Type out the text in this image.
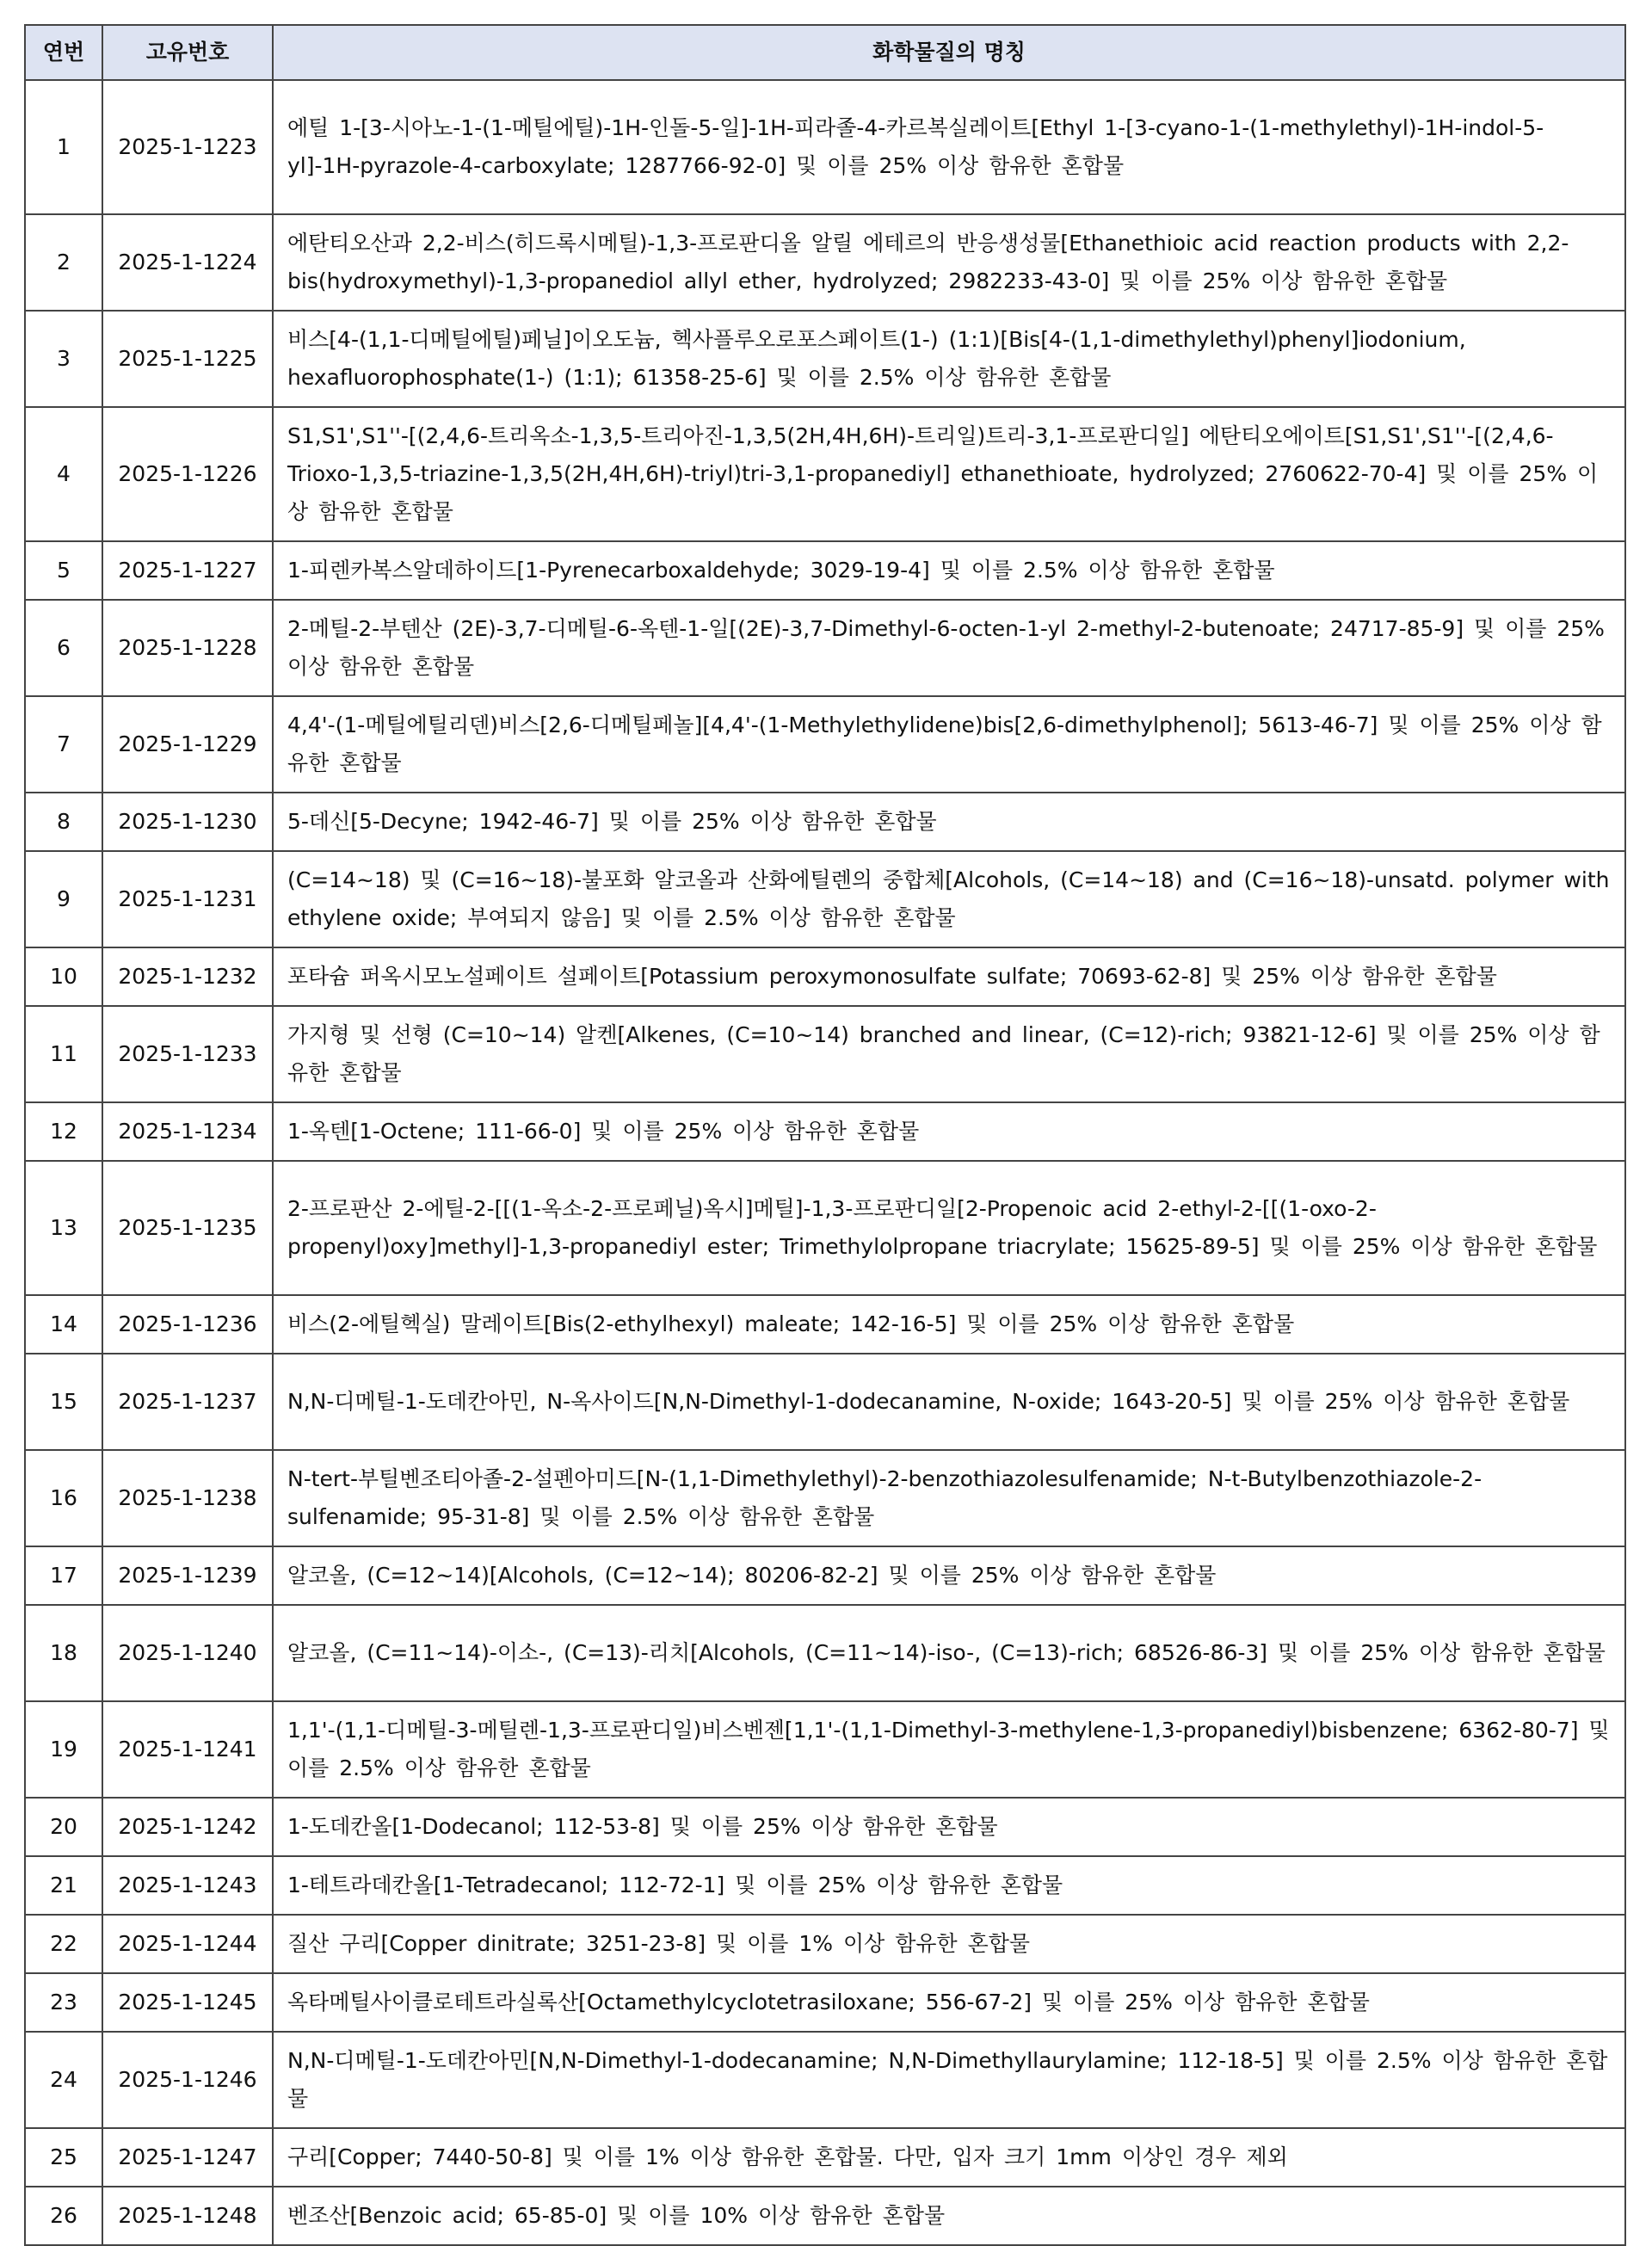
연번	고유번호	화학물질의 명칭
1	2025-1-1223	에틸 1-[3-시아노-1-(1-메틸에틸)-1H-인돌-5-일]-1H-피라졸-4-카르복실레이트[Ethyl 1-[3-cyano-1-(1-methylethyl)-1H-indol-5-yl]-1H-pyrazole-4-carboxylate; 1287766-92-0] 및 이를 25% 이상 함유한 혼합물
2	2025-1-1224	에탄티오산과 2,2-비스(히드록시메틸)-1,3-프로판디올 알릴 에테르의 반응생성물[Ethanethioic acid reaction products with 2,2-bis(hydroxymethyl)-1,3-propanediol allyl ether, hydrolyzed; 2982233-43-0] 및 이를 25% 이상 함유한 혼합물
3	2025-1-1225	비스[4-(1,1-디메틸에틸)페닐]이오도늄, 헥사플루오로포스페이트(1-) (1:1)[Bis[4-(1,1-dimethylethyl)phenyl]iodonium, hexafluorophosphate(1-) (1:1); 61358-25-6] 및 이를 2.5% 이상 함유한 혼합물
4	2025-1-1226	S1,S1',S1''-[(2,4,6-트리옥소-1,3,5-트리아진-1,3,5(2H,4H,6H)-트리일)트리-3,1-프로판디일] 에탄티오에이트[S1,S1',S1''-[(2,4,6-Trioxo-1,3,5-triazine-1,3,5(2H,4H,6H)-triyl)tri-3,1-propanediyl] ethanethioate, hydrolyzed; 2760622-70-4] 및 이를 25% 이상 함유한 혼합물
5	2025-1-1227	1-피렌카복스알데하이드[1-Pyrenecarboxaldehyde; 3029-19-4] 및 이를 2.5% 이상 함유한 혼합물
6	2025-1-1228	2-메틸-2-부텐산 (2E)-3,7-디메틸-6-옥텐-1-일[(2E)-3,7-Dimethyl-6-octen-1-yl 2-methyl-2-butenoate; 24717-85-9] 및 이를 25% 이상 함유한 혼합물
7	2025-1-1229	4,4'-(1-메틸에틸리덴)비스[2,6-디메틸페놀][4,4'-(1-Methylethylidene)bis[2,6-dimethylphenol]; 5613-46-7] 및 이를 25% 이상 함유한 혼합물
8	2025-1-1230	5-데신[5-Decyne; 1942-46-7] 및 이를 25% 이상 함유한 혼합물
9	2025-1-1231	(C=14~18) 및 (C=16~18)-불포화 알코올과 산화에틸렌의 중합체[Alcohols, (C=14~18) and (C=16~18)-unsatd. polymer with ethylene oxide; 부여되지 않음] 및 이를 2.5% 이상 함유한 혼합물
10	2025-1-1232	포타슘 퍼옥시모노설페이트 설페이트[Potassium peroxymonosulfate sulfate; 70693-62-8] 및 25% 이상 함유한 혼합물
11	2025-1-1233	가지형 및 선형 (C=10~14) 알켄[Alkenes, (C=10~14) branched and linear, (C=12)-rich; 93821-12-6] 및 이를 25% 이상 함유한 혼합물
12	2025-1-1234	1-옥텐[1-Octene; 111-66-0] 및 이를 25% 이상 함유한 혼합물
13	2025-1-1235	2-프로판산 2-에틸-2-[[(1-옥소-2-프로페닐)옥시]메틸]-1,3-프로판디일[2-Propenoic acid 2-ethyl-2-[[(1-oxo-2-propenyl)oxy]methyl]-1,3-propanediyl ester; Trimethylolpropane triacrylate; 15625-89-5] 및 이를 25% 이상 함유한 혼합물
14	2025-1-1236	비스(2-에틸헥실) 말레이트[Bis(2-ethylhexyl) maleate; 142-16-5] 및 이를 25% 이상 함유한 혼합물
15	2025-1-1237	N,N-디메틸-1-도데칸아민, N-옥사이드[N,N-Dimethyl-1-dodecanamine, N-oxide; 1643-20-5] 및 이를 25% 이상 함유한 혼합물
16	2025-1-1238	N-tert-부틸벤조티아졸-2-설펜아미드[N-(1,1-Dimethylethyl)-2-benzothiazolesulfenamide; N-t-Butylbenzothiazole-2-sulfenamide; 95-31-8] 및 이를 2.5% 이상 함유한 혼합물
17	2025-1-1239	알코올, (C=12~14)[Alcohols, (C=12~14); 80206-82-2] 및 이를 25% 이상 함유한 혼합물
18	2025-1-1240	알코올, (C=11~14)-이소-, (C=13)-리치[Alcohols, (C=11~14)-iso-, (C=13)-rich; 68526-86-3] 및 이를 25% 이상 함유한 혼합물
19	2025-1-1241	1,1'-(1,1-디메틸-3-메틸렌-1,3-프로판디일)비스벤젠[1,1'-(1,1-Dimethyl-3-methylene-1,3-propanediyl)bisbenzene; 6362-80-7] 및 이를 2.5% 이상 함유한 혼합물
20	2025-1-1242	1-도데칸올[1-Dodecanol; 112-53-8] 및 이를 25% 이상 함유한 혼합물
21	2025-1-1243	1-테트라데칸올[1-Tetradecanol; 112-72-1] 및 이를 25% 이상 함유한 혼합물
22	2025-1-1244	질산 구리[Copper dinitrate; 3251-23-8] 및 이를 1% 이상 함유한 혼합물
23	2025-1-1245	옥타메틸사이클로테트라실록산[Octamethylcyclotetrasiloxane; 556-67-2] 및 이를 25% 이상 함유한 혼합물
24	2025-1-1246	N,N-디메틸-1-도데칸아민[N,N-Dimethyl-1-dodecanamine; N,N-Dimethyllaurylamine; 112-18-5] 및 이를 2.5% 이상 함유한 혼합물
25	2025-1-1247	구리[Copper; 7440-50-8] 및 이를 1% 이상 함유한 혼합물. 다만, 입자 크기 1mm 이상인 경우 제외
26	2025-1-1248	벤조산[Benzoic acid; 65-85-0] 및 이를 10% 이상 함유한 혼합물
